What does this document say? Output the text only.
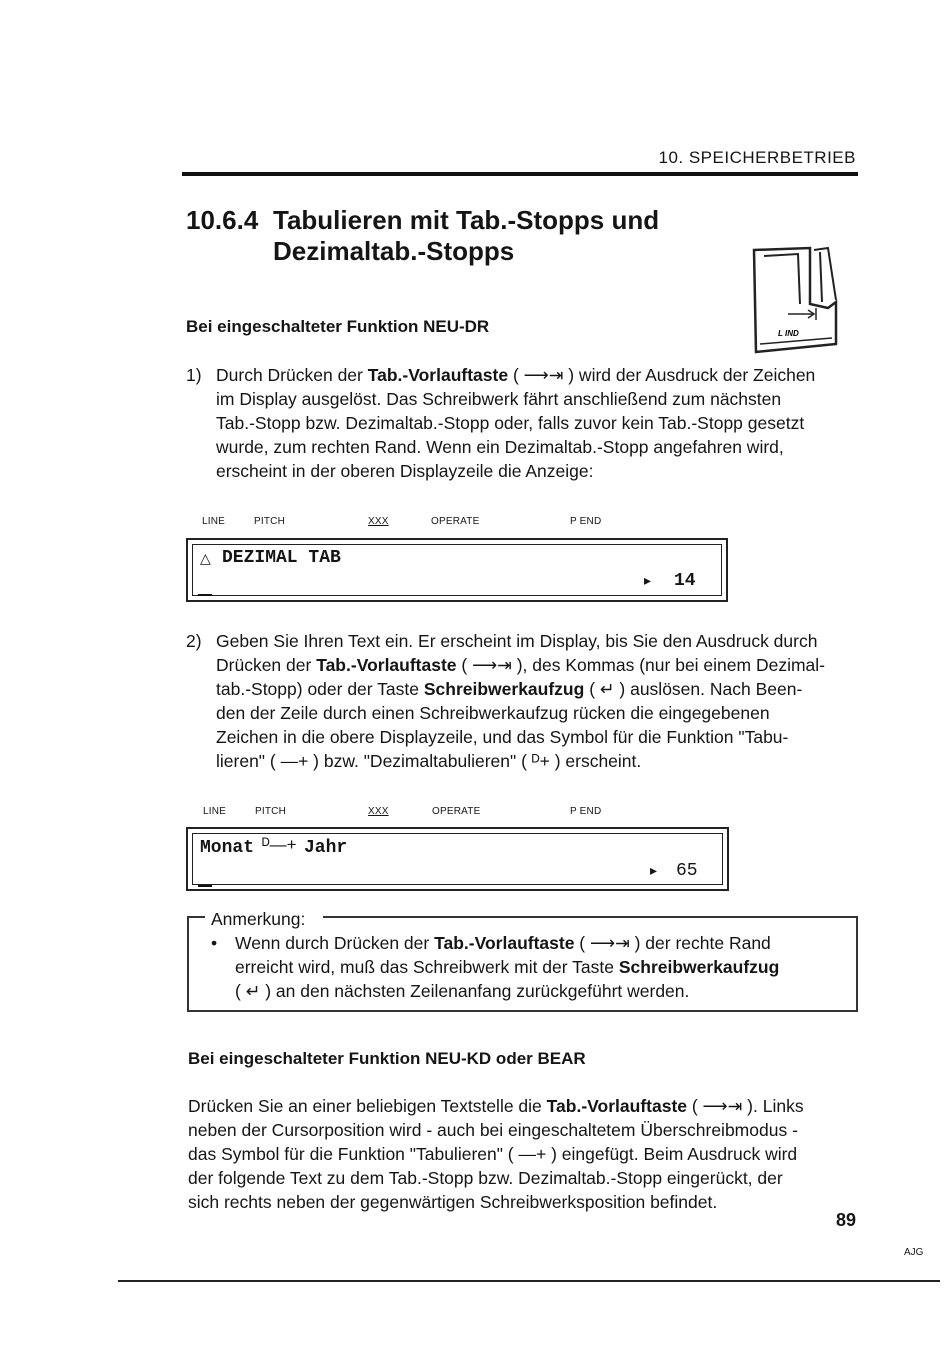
10. SPEICHERBETRIEB
10.6.4 Tabulieren mit Tab.-Stopps und
Dezimaltab.-Stopps
L IND
Bei eingeschalteter Funktion NEU-DR
1) Durch Drücken der Tab.-Vorlauftaste ( ⟶⇥ ) wird der Ausdruck der Zeichen
im Display ausgelöst. Das Schreibwerk fährt anschließend zum nächsten
Tab.-Stopp bzw. Dezimaltab.-Stopp oder, falls zuvor kein Tab.-Stopp gesetzt
wurde, zum rechten Rand. Wenn ein Dezimaltab.-Stopp angefahren wird,
erscheint in der oberen Displayzeile die Anzeige:
LINE	PITCH	XXX	OPERATE	P END
△ DEZIMAL TAB
▸ 14
2) Geben Sie Ihren Text ein. Er erscheint im Display, bis Sie den Ausdruck durch
Drücken der Tab.-Vorlauftaste ( ⟶⇥ ), des Kommas (nur bei einem Dezimal-
tab.-Stopp) oder der Taste Schreibwerkaufzug ( ↵ ) auslösen. Nach Been-
den der Zeile durch einen Schreibwerkaufzug rücken die eingegebenen
Zeichen in die obere Displayzeile, und das Symbol für die Funktion "Tabu-
lieren" ( —+ ) bzw. "Dezimaltabulieren" ( ᴰ+ ) erscheint.
LINE	PITCH	XXX	OPERATE	P END
Monat ᴰ—+ Jahr
▸ 65
Anmerkung:
• Wenn durch Drücken der Tab.-Vorlauftaste ( ⟶⇥ ) der rechte Rand
erreicht wird, muß das Schreibwerk mit der Taste Schreibwerkaufzug
( ↵ ) an den nächsten Zeilenanfang zurückgeführt werden.
Bei eingeschalteter Funktion NEU-KD oder BEAR
Drücken Sie an einer beliebigen Textstelle die Tab.-Vorlauftaste ( ⟶⇥ ). Links
neben der Cursorposition wird - auch bei eingeschaltetem Überschreibmodus -
das Symbol für die Funktion "Tabulieren" ( —+ ) eingefügt. Beim Ausdruck wird
der folgende Text zu dem Tab.-Stopp bzw. Dezimaltab.-Stopp eingerückt, der
sich rechts neben der gegenwärtigen Schreibwerksposition befindet.
89
AJG
